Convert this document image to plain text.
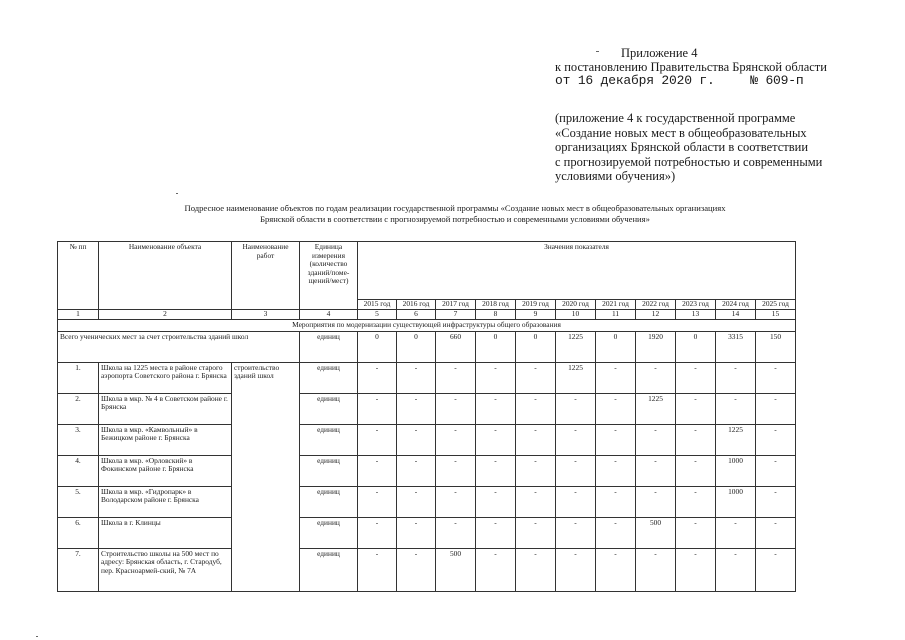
Приложение 4
к постановлению Правительства Брянской области
от 16 декабря 2020 г.	№ 609-п
(приложение 4 к государственной программе
«Создание новых мест в общеобразовательных
организациях Брянской области в соответствии
с прогнозируемой потребностью и современными
условиями обучения»)
Подресное наименование объектов по годам реализации государственной программы «Создание новых мест в общеобразовательных организациях
Брянской области в соответствии с прогнозируемой потребностью и современными условиями обучения»
№ пп	Наименование объекта	Наименование работ	Единица измерения (количество зданий/поме-щений/мест)	Значения показателя										
				2015 год	2016 год	2017 год	2018 год	2019 год	2020 год	2021 год	2022 год	2023 год	2024 год	2025 год
1	2	3	4	5	6	7	8	9	10	11	12	13	14	15
Мероприятия по модернизации существующей инфраструктуры общего образования														
Всего ученических мест за счет строительства зданий школ			единиц	0	0	660	0	0	1225	0	1920	0	3315	150
1.	Школа на 1225 места в районе старого аэропорта Советского района г. Брянска	строительство зданий школ	единиц	-	-	-	-	-	1225	-	-	-	-	-
2.	Школа в мкр. № 4 в Советском районе г. Брянска		единиц	-	-	-	-	-	-	-	1225	-	-	-
3.	Школа в мкр. «Камвольный» в Бежицком районе г. Брянска		единиц	-	-	-	-	-	-	-	-	-	1225	-
4.	Школа в мкр. «Орловский» в Фокинском районе г. Брянска		единиц	-	-	-	-	-	-	-	-	-	1000	-
5.	Школа в мкр. «Гидропарк» в Володарском районе г. Брянска		единиц	-	-	-	-	-	-	-	-	-	1000	-
6.	Школа в г. Клинцы		единиц	-	-	-	-	-	-	-	500	-	-	-
7.	Строительство школы на 500 мест по адресу: Брянская область, г. Стародуб, пер. Красноармей-ский, № 7А		единиц	-	-	500	-	-	-	-	-	-	-	-
